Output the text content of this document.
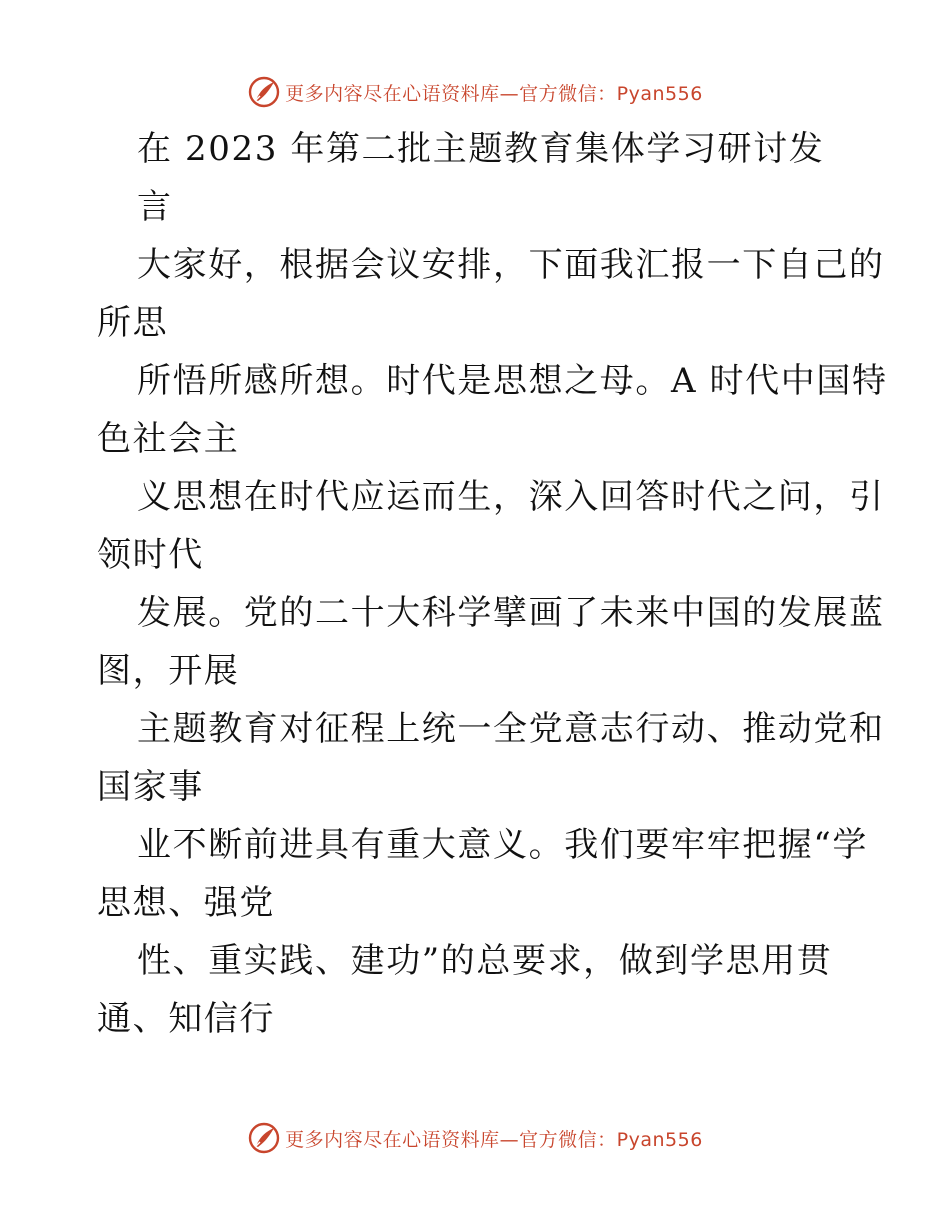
更多内容尽在心语资料库—官方微信：Pyan556
在 2023 年第二批主题教育集体学习研讨发
言
大家好，根据会议安排，下面我汇报一下自己的
所思
所悟所感所想。时代是思想之母。A 时代中国特
色社会主
义思想在时代应运而生，深入回答时代之问，引
领时代
发展。党的二十大科学擘画了未来中国的发展蓝
图，开展
主题教育对征程上统一全党意志行动、推动党和
国家事
业不断前进具有重大意义。我们要牢牢把握“学
思想、强党
性、重实践、建功”的总要求，做到学思用贯
通、知信行
更多内容尽在心语资料库—官方微信：Pyan556
